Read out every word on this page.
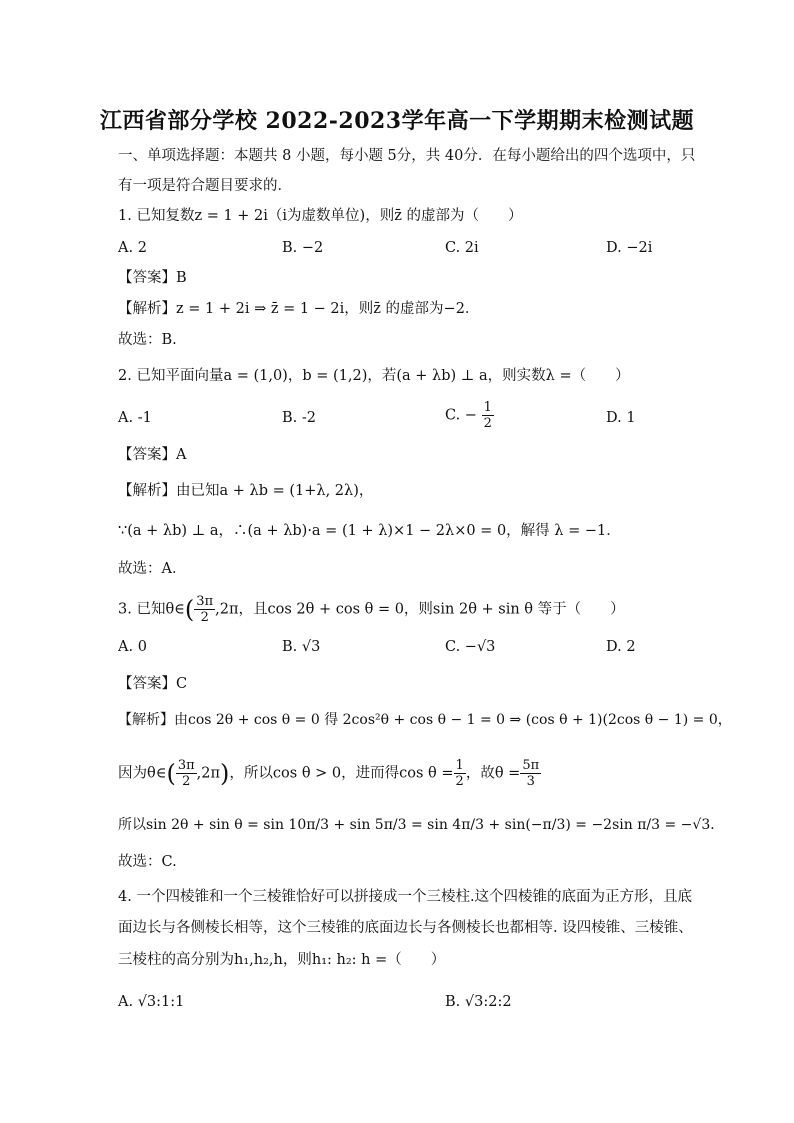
江西省部分学校 2022-2023学年高一下学期期末检测试题
一、单项选择题：本题共 8 小题，每小题 5分，共 40分．在每小题给出的四个选项中，只
有一项是符合题目要求的．
1. 已知复数z = 1 + 2i（i为虚数单位)，则z̄ 的虚部为（　　）
A. 2	B. −2	C. 2i	D. −2i
【答案】B
【解析】z = 1 + 2i ⇒ z̄ = 1 − 2i，则z̄ 的虚部为−2．
故选：B.
2. 已知平面向量a = (1,0)，b = (1,2)，若(a + λb) ⊥ a，则实数λ =（　　）
A. -1	B. -2	C. − $\frac{1}{2}$	D. 1
【答案】A
【解析】由已知a + λb = (1+λ, 2λ)，
∵(a + λb) ⊥ a，∴(a + λb)·a = (1 + λ)×1 − 2λ×0 = 0，解得 λ = −1．
故选：A．
3. 已知θ∈( $\frac{3\pi}{2} ,2\pi$，且cos 2θ + cos θ = 0，则sin 2θ + sin θ 等于（　　）
A. 0	B. √3	C. −√3	D. 2
【答案】C
【解析】由cos 2θ + cos θ = 0 得 2cos²θ + cos θ − 1 = 0 ⇒ (cos θ + 1)(2cos θ − 1) = 0，
因为θ∈( $\frac{3\pi}{2} ,2\pi$)，所以cos θ > 0，进而得$\cos \theta = \frac{1}{2}$ ，故$\theta = \frac{5\pi}{3}$
所以sin 2θ + sin θ = sin 10π/3 + sin 5π/3 = sin 4π/3 + sin(−π/3) = −2sin π/3 = −√3．
故选：C.
4. 一个四棱锥和一个三棱锥恰好可以拼接成一个三棱柱.这个四棱锥的底面为正方形，且底
面边长与各侧棱长相等，这个三棱锥的底面边长与各侧棱长也都相等. 设四棱锥、三棱锥、
三棱柱的高分别为h₁,h₂,h，则h₁: h₂: h =（　　）
A. √3:1:1	B. √3:2:2
